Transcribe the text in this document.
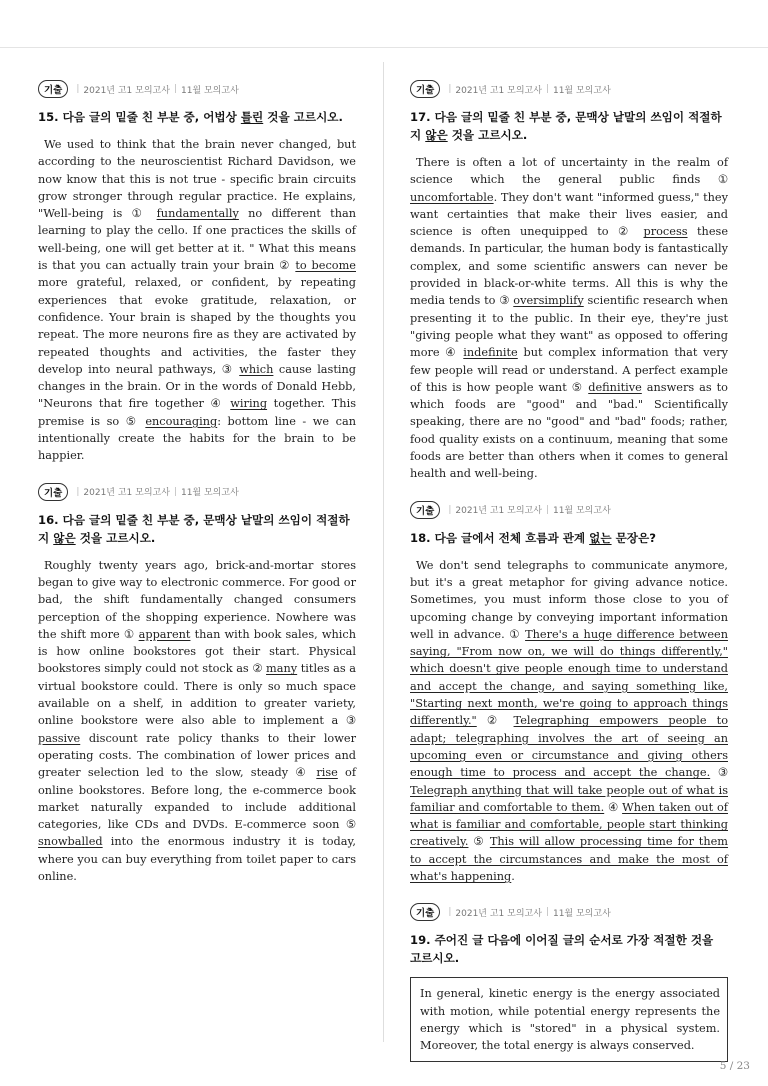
기출	| 2021년 고1 모의고사 | 11월 모의고사

15. 다음 글의 밑줄 친 부분 중, 어법상 틀린 것을 고르시오.

We used to think that the brain never changed, but according to the neuroscientist Richard Davidson, we now know that this is not true - specific brain circuits grow stronger through regular practice. He explains, "Well-being is ① fundamentally no different than learning to play the cello. If one practices the skills of well-being, one will get better at it. " What this means is that you can actually train your brain ② to become more grateful, relaxed, or confident, by repeating experiences that evoke gratitude, relaxation, or confidence. Your brain is shaped by the thoughts you repeat. The more neurons fire as they are activated by repeated thoughts and activities, the faster they develop into neural pathways, ③ which cause lasting changes in the brain. Or in the words of Donald Hebb, "Neurons that fire together ④ wiring together. This premise is so ⑤ encouraging: bottom line - we can intentionally create the habits for the brain to be happier.

기출	| 2021년 고1 모의고사 | 11월 모의고사

16. 다음 글의 밑줄 친 부분 중, 문맥상 낱말의 쓰임이 적절하지 않은 것을 고르시오.

Roughly twenty years ago, brick-and-mortar stores began to give way to electronic commerce. For good or bad, the shift fundamentally changed consumers perception of the shopping experience. Nowhere was the shift more ① apparent than with book sales, which is how online bookstores got their start. Physical bookstores simply could not stock as ② many titles as a virtual bookstore could. There is only so much space available on a shelf, in addition to greater variety, online bookstore were also able to implement a ③ passive discount rate policy thanks to their lower operating costs. The combination of lower prices and greater selection led to the slow, steady ④ rise of online bookstores. Before long, the e-commerce book market naturally expanded to include additional categories, like CDs and DVDs. E-commerce soon ⑤ snowballed into the enormous industry it is today, where you can buy everything from toilet paper to cars online.

기출	| 2021년 고1 모의고사 | 11월 모의고사

17. 다음 글의 밑줄 친 부분 중, 문맥상 낱말의 쓰임이 적절하지 않은 것을 고르시오.

There is often a lot of uncertainty in the realm of science which the general public finds ① uncomfortable. They don't want "informed guess," they want certainties that make their lives easier, and science is often unequipped to ② process these demands. In particular, the human body is fantastically complex, and some scientific answers can never be provided in black-or-white terms. All this is why the media tends to ③ oversimplify scientific research when presenting it to the public. In their eye, they're just "giving people what they want" as opposed to offering more ④ indefinite but complex information that very few people will read or understand. A perfect example of this is how people want ⑤ definitive answers as to which foods are "good" and "bad." Scientifically speaking, there are no "good" and "bad" foods; rather, food quality exists on a continuum, meaning that some foods are better than others when it comes to general health and well-being.

기출	| 2021년 고1 모의고사 | 11월 모의고사

18. 다음 글에서 전체 흐름과 관계 없는 문장은?

We don't send telegraphs to communicate anymore, but it's a great metaphor for giving advance notice. Sometimes, you must inform those close to you of upcoming change by conveying important information well in advance. ① There's a huge difference between saying, "From now on, we will do things differently," which doesn't give people enough time to understand and accept the change, and saying something like, "Starting next month, we're going to approach things differently." ② Telegraphing empowers people to adapt; telegraphing involves the art of seeing an upcoming even or circumstance and giving others enough time to process and accept the change. ③ Telegraph anything that will take people out of what is familiar and comfortable to them. ④ When taken out of what is familiar and comfortable, people start thinking creatively. ⑤ This will allow processing time for them to accept the circumstances and make the most of what's happening.

기출	| 2021년 고1 모의고사 | 11월 모의고사

19. 주어진 글 다음에 이어질 글의 순서로 가장 적절한 것을 고르시오.

In general, kinetic energy is the energy associated with motion, while potential energy represents the energy which is "stored" in a physical system. Moreover, the total energy is always conserved.

5 / 23
